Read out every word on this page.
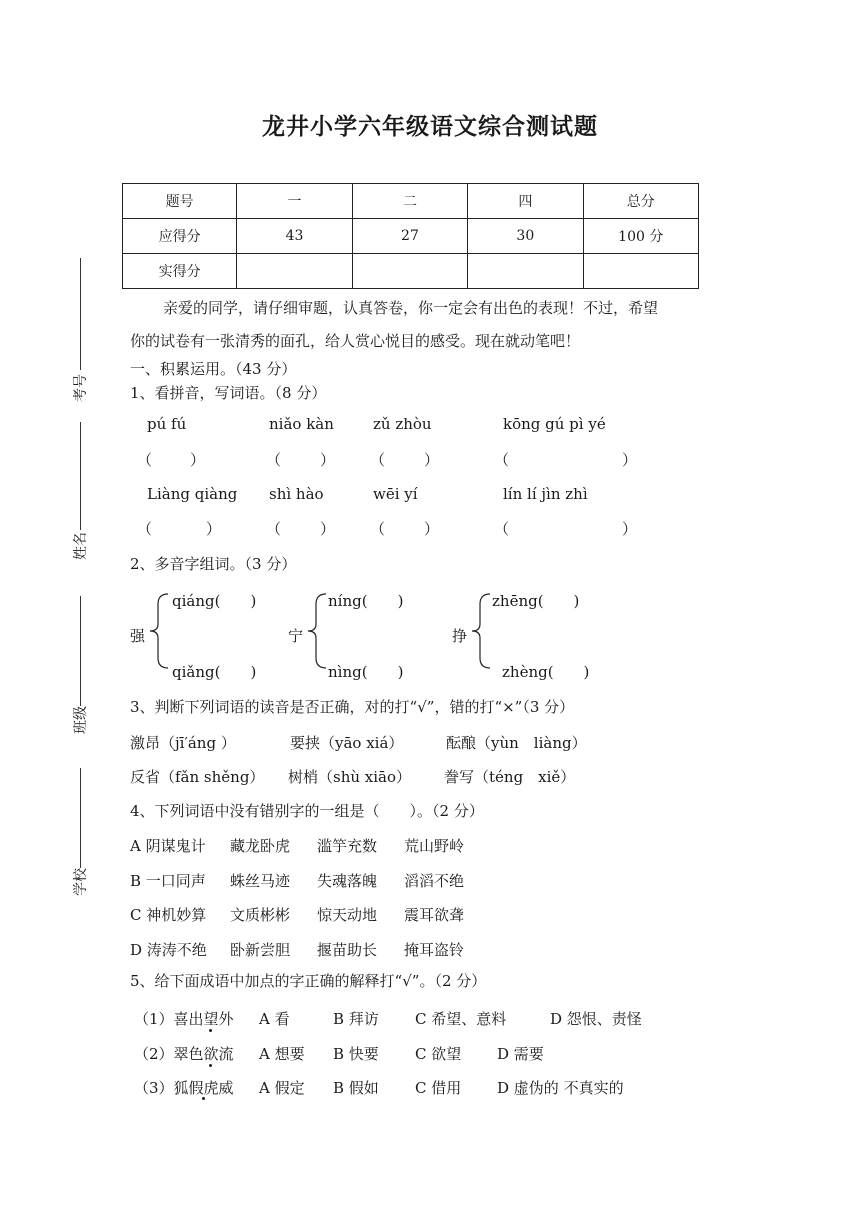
龙井小学六年级语文综合测试题
题号	一	二	四	总分
应得分	43	27	30	100 分
实得分				
考号
姓名
班级
学校
亲爱的同学，请仔细审题，认真答卷，你一定会有出色的表现！不过，希望
你的试卷有一张清秀的面孔，给人赏心悦目的感受。现在就动笔吧！
一、积累运用。（43 分）
1、看拼音，写词语。（8 分）
pú fú	niǎo kàn	zǔ zhòu	kōng gú pì yé
（	）	（	） （	）	（	）
Liàng qiàng shì hào	wēi yí	lín lí jìn zhì
（	）	（	） （	）	（	）
2、多音字组词。（3 分）
强
qiáng(　　)
qiǎng(　　)
宁
níng(　　)
nìng(　　)
挣
zhēng(　　)
zhèng(　　)
3、判断下列词语的读音是否正确，对的打“√”，错的打“×”（3 分）
激昂（jī′áng ）	要挟（yāo xiá）	酝酿（yùn　liàng）
反省（fǎn shěng） 树梢（shù xiāo） 誊写（téng　xiě）
4、下列词语中没有错别字的一组是（　　）。（2 分）
A 阴谋鬼计 藏龙卧虎 滥竽充数 荒山野岭
B 一口同声 蛛丝马迹 失魂落魄 滔滔不绝
C 神机妙算 文质彬彬 惊天动地 震耳欲聋
D 涛涛不绝 卧新尝胆 揠苗助长 掩耳盗铃
5、给下面成语中加点的字正确的解释打“√”。（2 分）
（1）喜出望外 A 看	B 拜访 C 希望、意料	D 怨恨、责怪
（2）翠色欲流 A 想要 B 快要 C 欲望 D 需要
（3）狐假虎威 A 假定 B 假如 C 借用 D 虚伪的 不真实的
